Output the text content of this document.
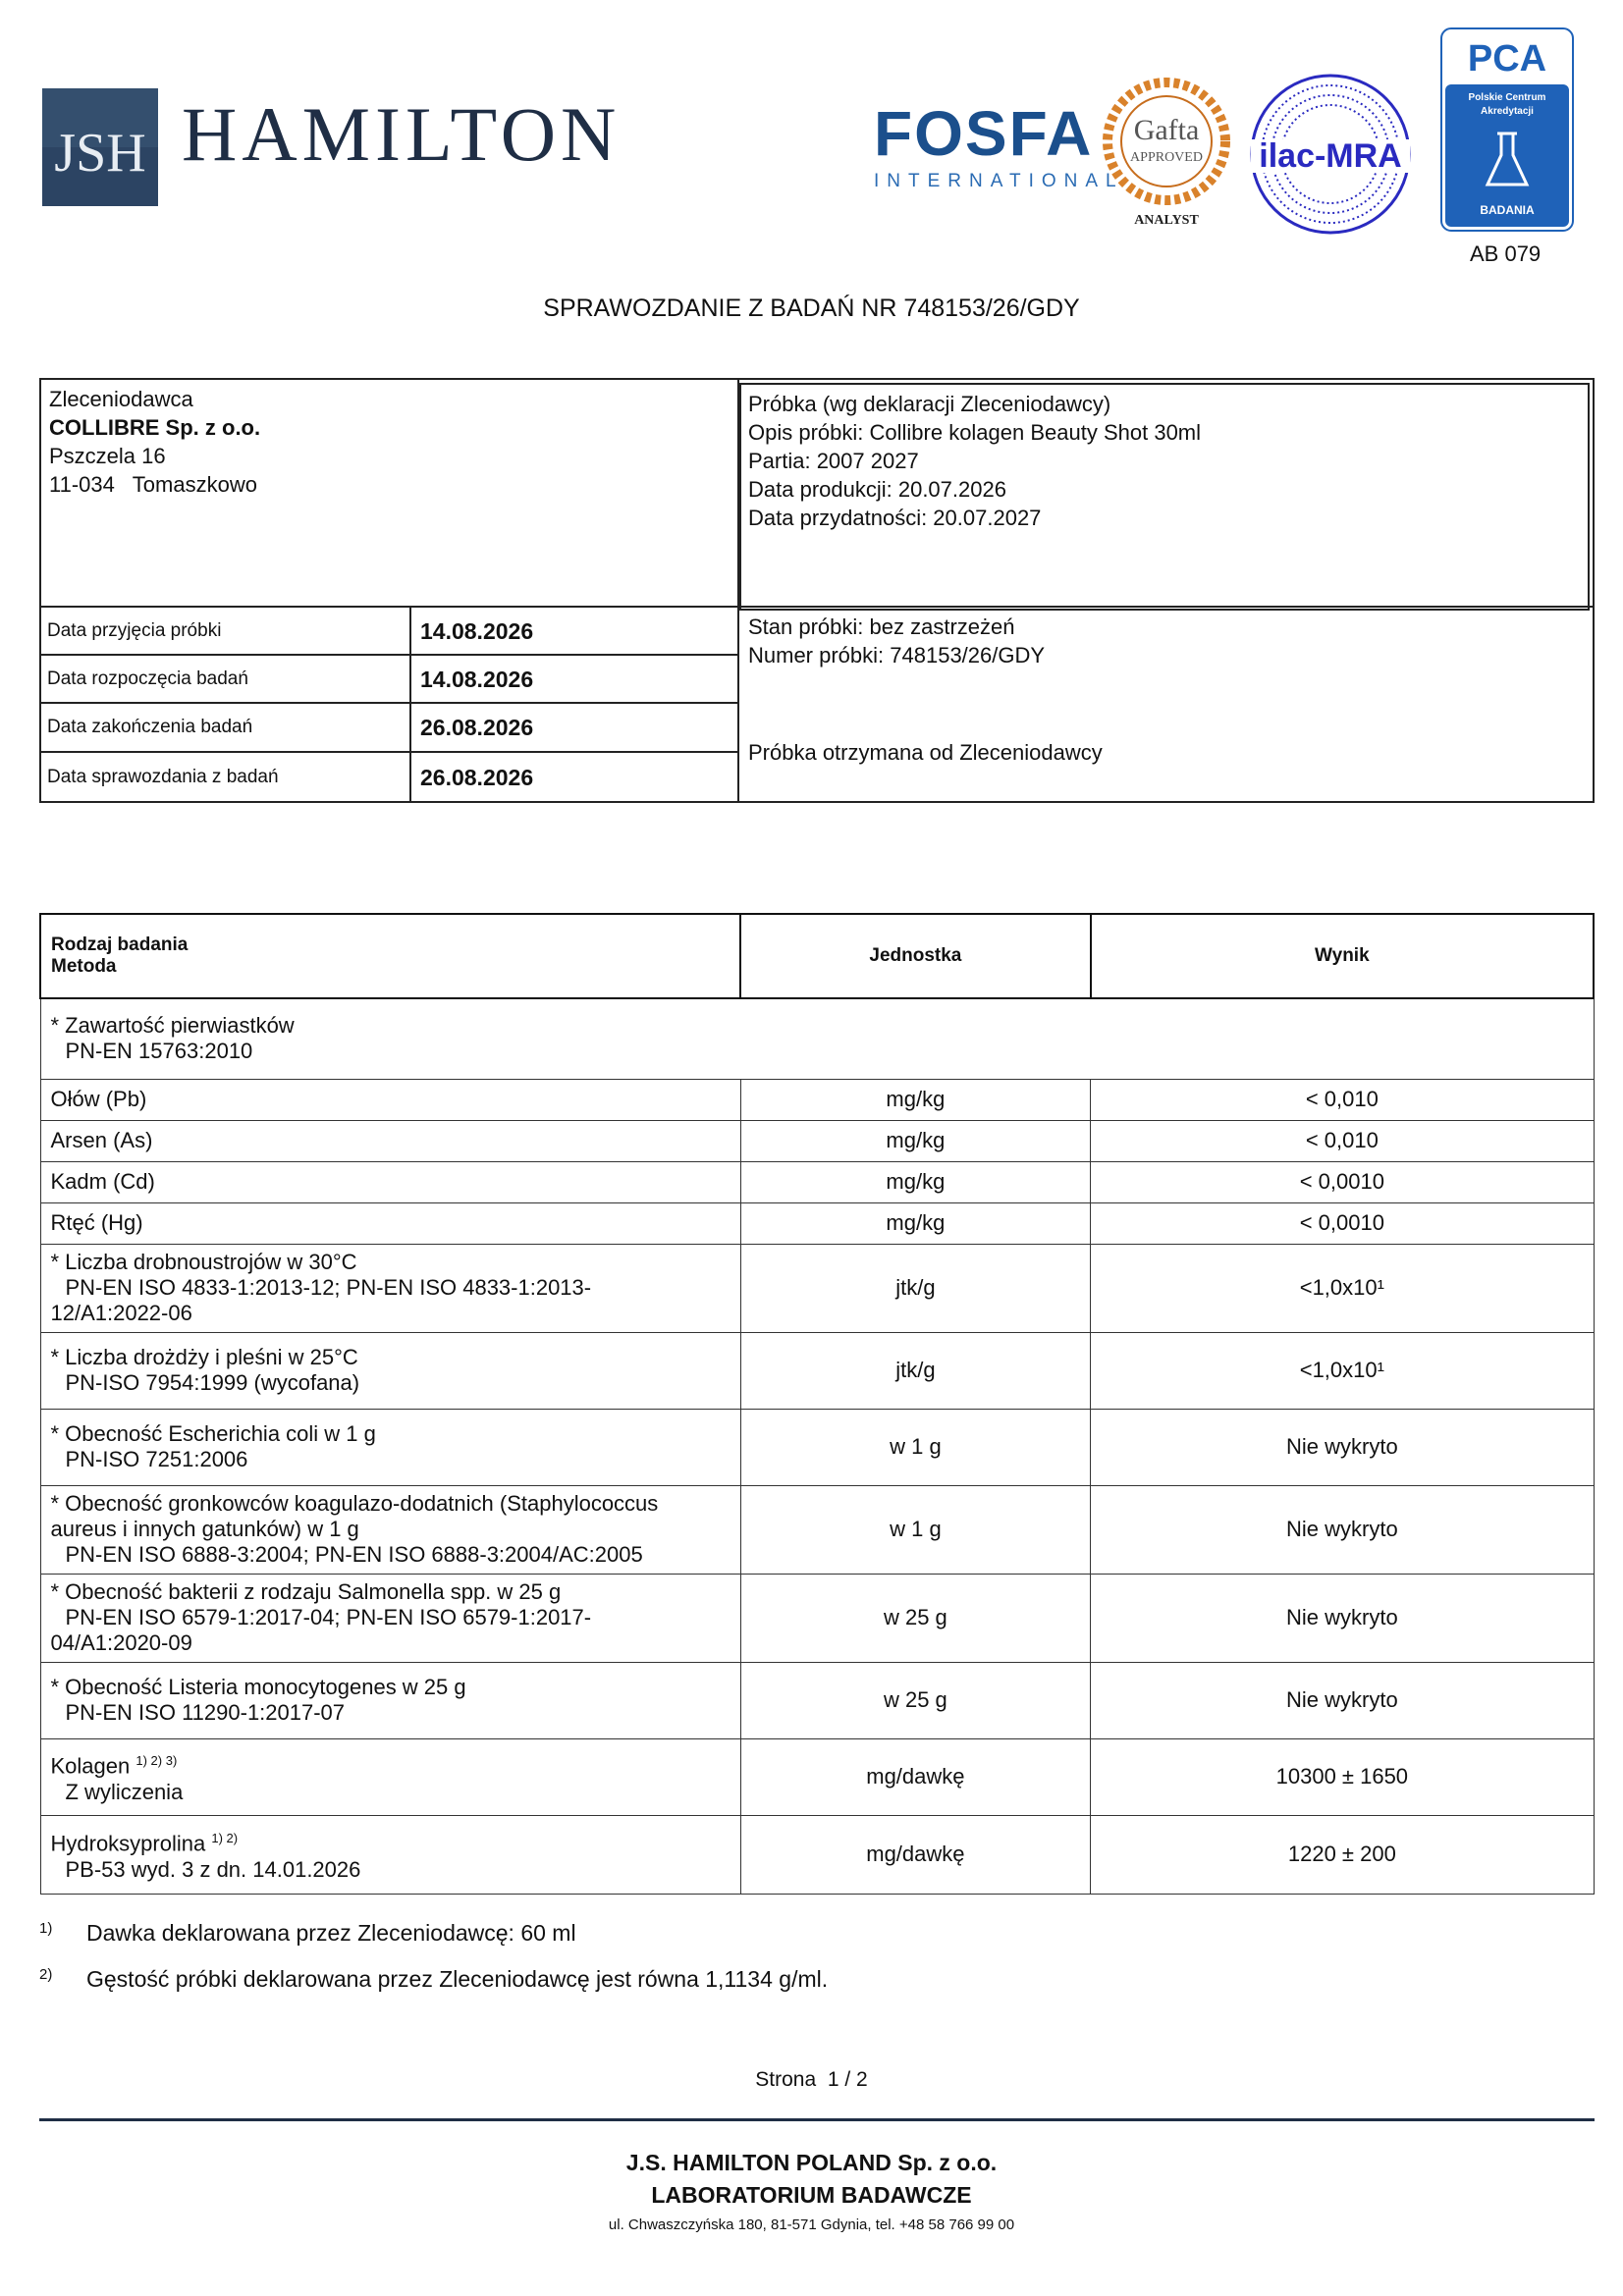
JSH HAMILTON	FOSFA
INTERNATIONAL
Gafta
APPROVED
ANALYST
ilac-MRA
PCA
Polskie Centrum
Akredytacji
BADANIA
AB 079
SPRAWOZDANIE Z BADAŃ NR 748153/26/GDY
Zleceniodawca
COLLIBRE Sp. z o.o.
Pszczela 16
11-034   Tomaszkowo
Próbka (wg deklaracji Zleceniodawcy)
Opis próbki: Collibre kolagen Beauty Shot 30ml
Partia: 2007 2027
Data produkcji: 20.07.2026
Data przydatności: 20.07.2027
Data przyjęcia próbki	14.08.2026
Data rozpoczęcia badań	14.08.2026
Data zakończenia badań	26.08.2026
Data sprawozdania z badań	26.08.2026
Stan próbki: bez zastrzeżeń
Numer próbki: 748153/26/GDY
Próbka otrzymana od Zleceniodawcy
Rodzaj badania
Metoda	Jednostka	Wynik

* Zawartość pierwiastków
PN-EN 15763:2010		

Ołów (Pb)	mg/kg	< 0,010
Arsen (As)	mg/kg	< 0,010
Kadm (Cd)	mg/kg	< 0,0010
Rtęć (Hg)	mg/kg	< 0,0010

* Liczba drobnoustrojów w 30°C
PN-EN ISO 4833-1:2013-12; PN-EN ISO 4833-1:2013-
12/A1:2022-06	jtk/g	<1,0x10¹

* Liczba drożdży i pleśni w 25°C
PN-ISO 7954:1999 (wycofana)	jtk/g	<1,0x10¹

* Obecność Escherichia coli w 1 g
PN-ISO 7251:2006	w 1 g	Nie wykryto

* Obecność gronkowców koagulazo-dodatnich (Staphylococcus
aureus i innych gatunków) w 1 g
PN-EN ISO 6888-3:2004; PN-EN ISO 6888-3:2004/AC:2005	w 1 g	Nie wykryto

* Obecność bakterii z rodzaju Salmonella spp. w 25 g
PN-EN ISO 6579-1:2017-04; PN-EN ISO 6579-1:2017-
04/A1:2020-09	w 25 g	Nie wykryto

* Obecność Listeria monocytogenes w 25 g
PN-EN ISO 11290-1:2017-07	w 25 g	Nie wykryto

Kolagen $^{1) 2) 3)}$
Z wyliczenia	mg/dawkę	10300 ± 1650

Hydroksyprolina $^{1) 2)}$
PB-53 wyd. 3 z dn. 14.01.2026	mg/dawkę	1220 ± 200
1) Dawka deklarowana przez Zleceniodawcę: 60 ml
2) Gęstość próbki deklarowana przez Zleceniodawcę jest równa 1,1134 g/ml.
Strona 1 / 2
J.S. HAMILTON POLAND Sp. z o.o.
LABORATORIUM BADAWCZE
ul. Chwaszczyńska 180, 81-571 Gdynia, tel. +48 58 766 99 00
